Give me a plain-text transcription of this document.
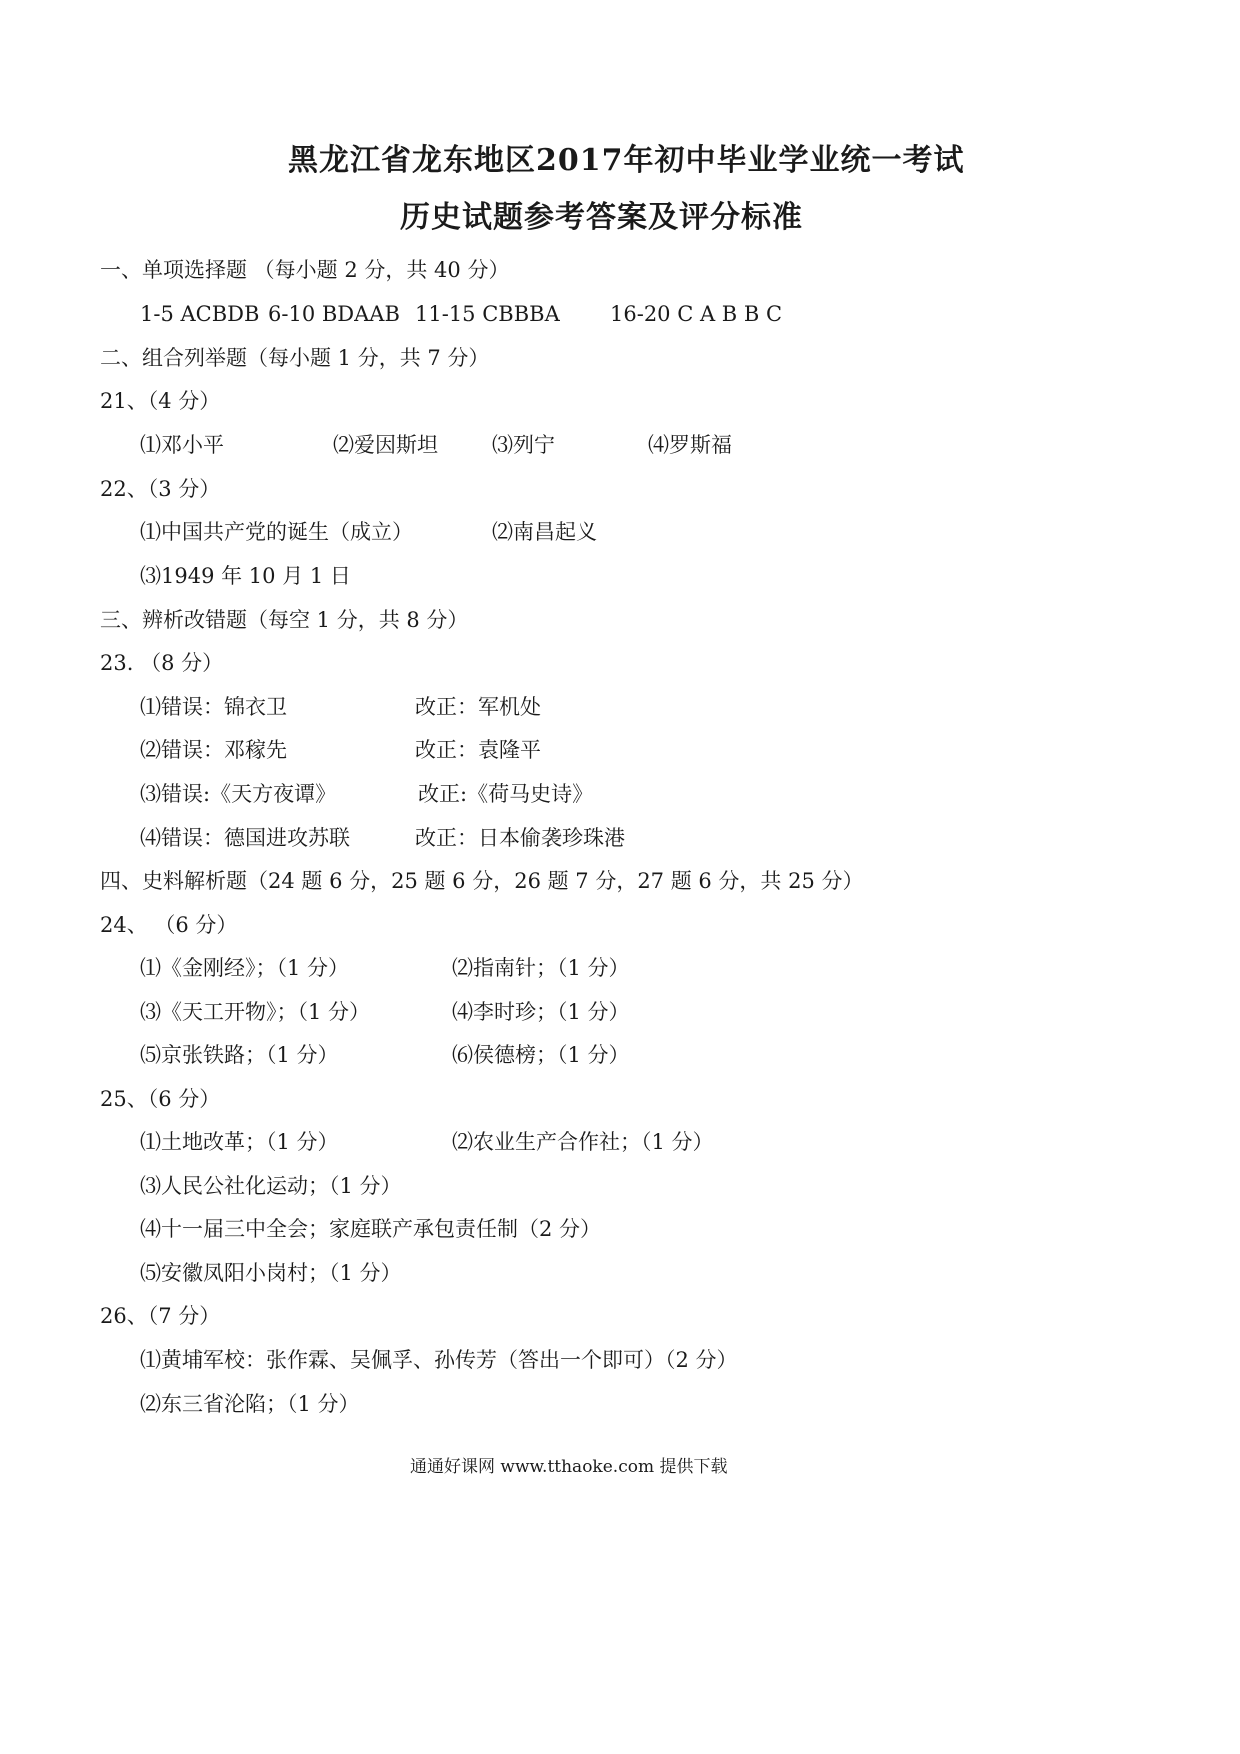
黑龙江省龙东地区2017年初中毕业学业统一考试
历史试题参考答案及评分标准
一、单项选择题 （每小题 2 分，共 40 分）
1-5 ACBDB 6-10 BDAAB 11-15 CBBBA 16-20 C A B B C
二、组合列举题（每小题 1 分，共 7 分）
21、（4 分）
⑴邓小平	⑵爱因斯坦	⑶列宁	⑷罗斯福
22、（3 分）
⑴中国共产党的诞生（成立）	⑵南昌起义
⑶1949 年 10 月 1 日
三、辨析改错题（每空 1 分，共 8 分）
23. （8 分）
⑴错误：锦衣卫	改正：军机处
⑵错误：邓稼先	改正：袁隆平
⑶错误:《天方夜谭》	改正:《荷马史诗》
⑷错误：德国进攻苏联	改正：日本偷袭珍珠港
四、史料解析题（24 题 6 分，25 题 6 分，26 题 7 分，27 题 6 分，共 25 分）
24、 （6 分）
⑴《金刚经》；（1 分）	⑵指南针；（1 分）
⑶《天工开物》；（1 分）	⑷李时珍；（1 分）
⑸京张铁路；（1 分）	⑹侯德榜；（1 分）
25、（6 分）
⑴土地改革；（1 分）	⑵农业生产合作社；（1 分）
⑶人民公社化运动；（1 分）
⑷十一届三中全会；家庭联产承包责任制（2 分）
⑸安徽凤阳小岗村；（1 分）
26、（7 分）
⑴黄埔军校：张作霖、吴佩孚、孙传芳（答出一个即可）（2 分）
⑵东三省沦陷；（1 分）
通通好课网 www.tthaoke.com 提供下载
